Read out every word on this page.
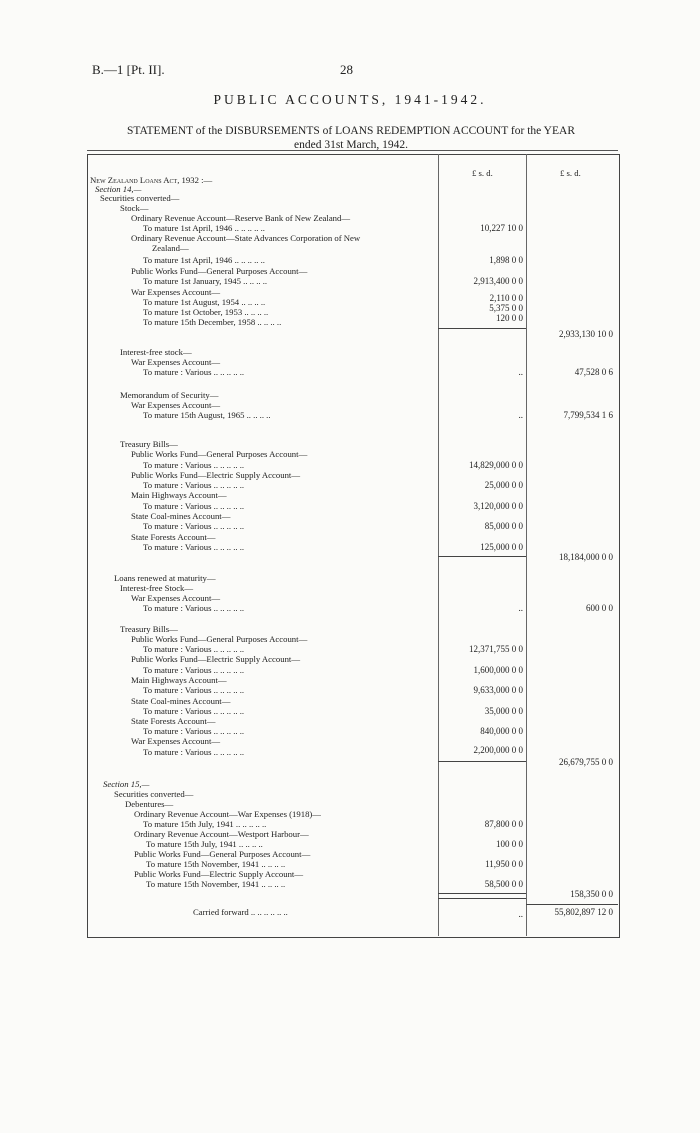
B.—1 [Pt. II].	28
PUBLIC ACCOUNTS, 1941-1942.
STATEMENT of the DISBURSEMENTS of LOANS REDEMPTION ACCOUNT for the YEAR
ended 31st March, 1942.
£ s. d.	£ s. d.
New Zealand Loans Act, 1932 :—
Section 14,—
Securities converted—
Stock—
Ordinary Revenue Account—Reserve Bank of New Zealand—
To mature 1st April, 1946 .. .. .. .. ..
Ordinary Revenue Account—State Advances Corporation of New
Zealand—
To mature 1st April, 1946 .. .. .. .. ..
Public Works Fund—General Purposes Account—
To mature 1st January, 1945 .. .. .. ..
War Expenses Account—
To mature 1st August, 1954 .. .. .. ..
To mature 1st October, 1953 .. .. .. ..
To mature 15th December, 1958 .. .. .. ..
Interest-free stock—
War Expenses Account—
To mature : Various .. .. .. .. ..
Memorandum of Security—
War Expenses Account—
To mature 15th August, 1965 .. .. .. ..
Treasury Bills—
Public Works Fund—General Purposes Account—
To mature : Various .. .. .. .. ..
Public Works Fund—Electric Supply Account—
To mature : Various .. .. .. .. ..
Main Highways Account—
To mature : Various .. .. .. .. ..
State Coal-mines Account—
To mature : Various .. .. .. .. ..
State Forests Account—
To mature : Various .. .. .. .. ..
Loans renewed at maturity—
Interest-free Stock—
War Expenses Account—
To mature : Various .. .. .. .. ..
Treasury Bills—
Public Works Fund—General Purposes Account—
To mature : Various .. .. .. .. ..
Public Works Fund—Electric Supply Account—
To mature : Various .. .. .. .. ..
Main Highways Account—
To mature : Various .. .. .. .. ..
State Coal-mines Account—
To mature : Various .. .. .. .. ..
State Forests Account—
To mature : Various .. .. .. .. ..
War Expenses Account—
To mature : Various .. .. .. .. ..
Section 15,—
Securities converted—
Debentures—
Ordinary Revenue Account—War Expenses (1918)—
To mature 15th July, 1941 .. .. .. .. ..
Ordinary Revenue Account—Westport Harbour—
To mature 15th July, 1941 .. .. .. ..
Public Works Fund—General Purposes Account—
To mature 15th November, 1941 .. .. .. ..
Public Works Fund—Electric Supply Account—
To mature 15th November, 1941 .. .. .. ..
Carried forward .. .. .. .. .. ..
10,227 10 0
1,898 0 0
2,913,400 0 0
2,110 0 0
5,375 0 0
120 0 0
..
..
14,829,000 0 0
25,000 0 0
3,120,000 0 0
85,000 0 0
125,000 0 0
..
12,371,755 0 0
1,600,000 0 0
9,633,000 0 0
35,000 0 0
840,000 0 0
2,200,000 0 0
87,800 0 0
100 0 0
11,950 0 0
58,500 0 0
..
2,933,130 10 0
47,528 0 6
7,799,534 1 6
18,184,000 0 0
600 0 0
26,679,755 0 0
158,350 0 0
55,802,897 12 0
